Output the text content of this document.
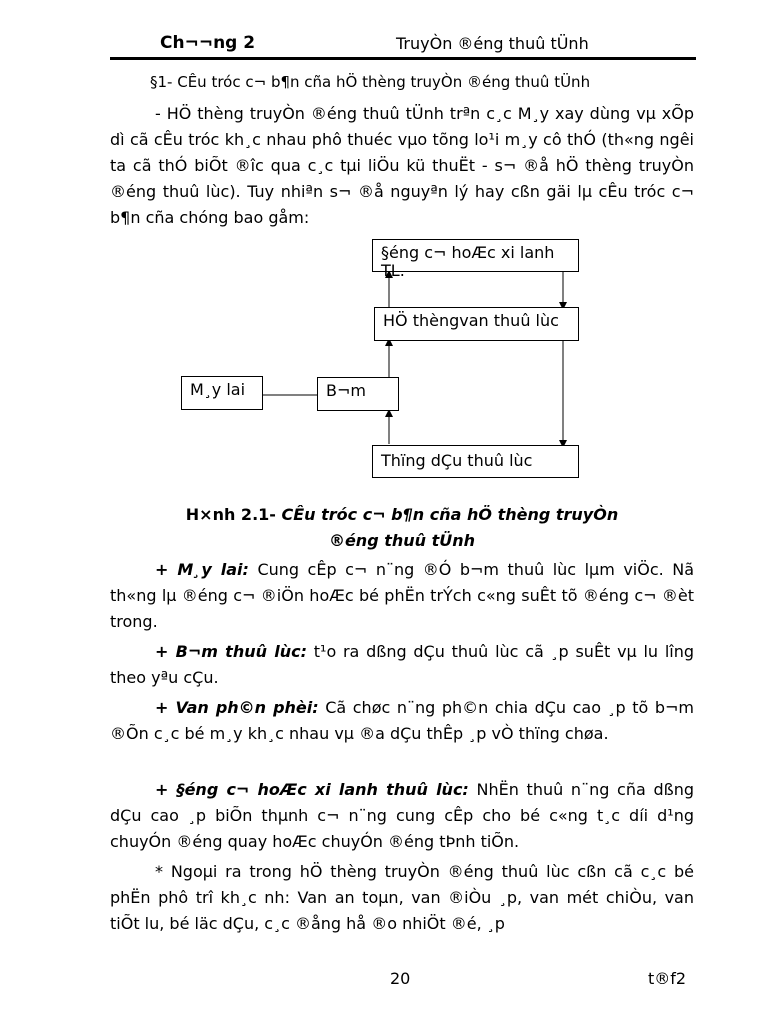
Ch¬¬ng 2	TruyÒn ®éng thuû tÜnh
§1- CÊu tróc c¬ b¶n cña hÖ thèng truyÒn ®éng thuû tÜnh
- HÖ thèng truyÒn ®éng thuû tÜnh trªn c¸c M¸y xay dùng vµ xÕp dì cã cÊu tróc kh¸c nhau phô thuéc vµo tõng lo¹i m¸y cô thÓ (th«ng ngêi ta cã thÓ biÕt ®îc qua c¸c tµi liÖu kü thuËt - s¬ ®å hÖ thèng truyÒn ®éng thuû lùc). Tuy nhiªn s¬ ®å nguyªn lý hay cßn gäi lµ cÊu tróc c¬ b¶n cña chóng bao gåm:
§éng c¬ hoÆc xi lanh TL.
HÖ thèngvan thuû lùc
M¸y lai	B¬m
Thïng dÇu thuû lùc
H×nh 2.1- CÊu tróc c¬ b¶n cña hÖ thèng truyÒn
®éng thuû tÜnh
+ M¸y lai: Cung cÊp c¬ n¨ng ®Ó b¬m thuû lùc lµm viÖc. Nã th«ng lµ ®éng c¬ ®iÖn hoÆc bé phËn trÝch c«ng suÊt tõ ®éng c¬ ®èt trong.
+ B¬m thuû lùc: t¹o ra dßng dÇu thuû lùc cã ¸p suÊt vµ lu lîng theo yªu cÇu.
+ Van ph©n phèi: Cã chøc n¨ng ph©n chia dÇu cao ¸p tõ b¬m ®Õn c¸c bé m¸y kh¸c nhau vµ ®a dÇu thÊp ¸p vÒ thïng chøa.
+ §éng c¬ hoÆc xi lanh thuû lùc: NhËn thuû n¨ng cña dßng dÇu cao ¸p biÕn thµnh c¬ n¨ng cung cÊp cho bé c«ng t¸c díi d¹ng chuyÓn ®éng quay hoÆc chuyÓn ®éng tÞnh tiÕn.
* Ngoµi ra trong hÖ thèng truyÒn ®éng thuû lùc cßn cã c¸c bé phËn phô trî kh¸c nh: Van an toµn, van ®iÒu ¸p, van mét chiÒu, van tiÕt lu, bé läc dÇu, c¸c ®ång hå ®o nhiÖt ®é, ¸p
20	t®f2
